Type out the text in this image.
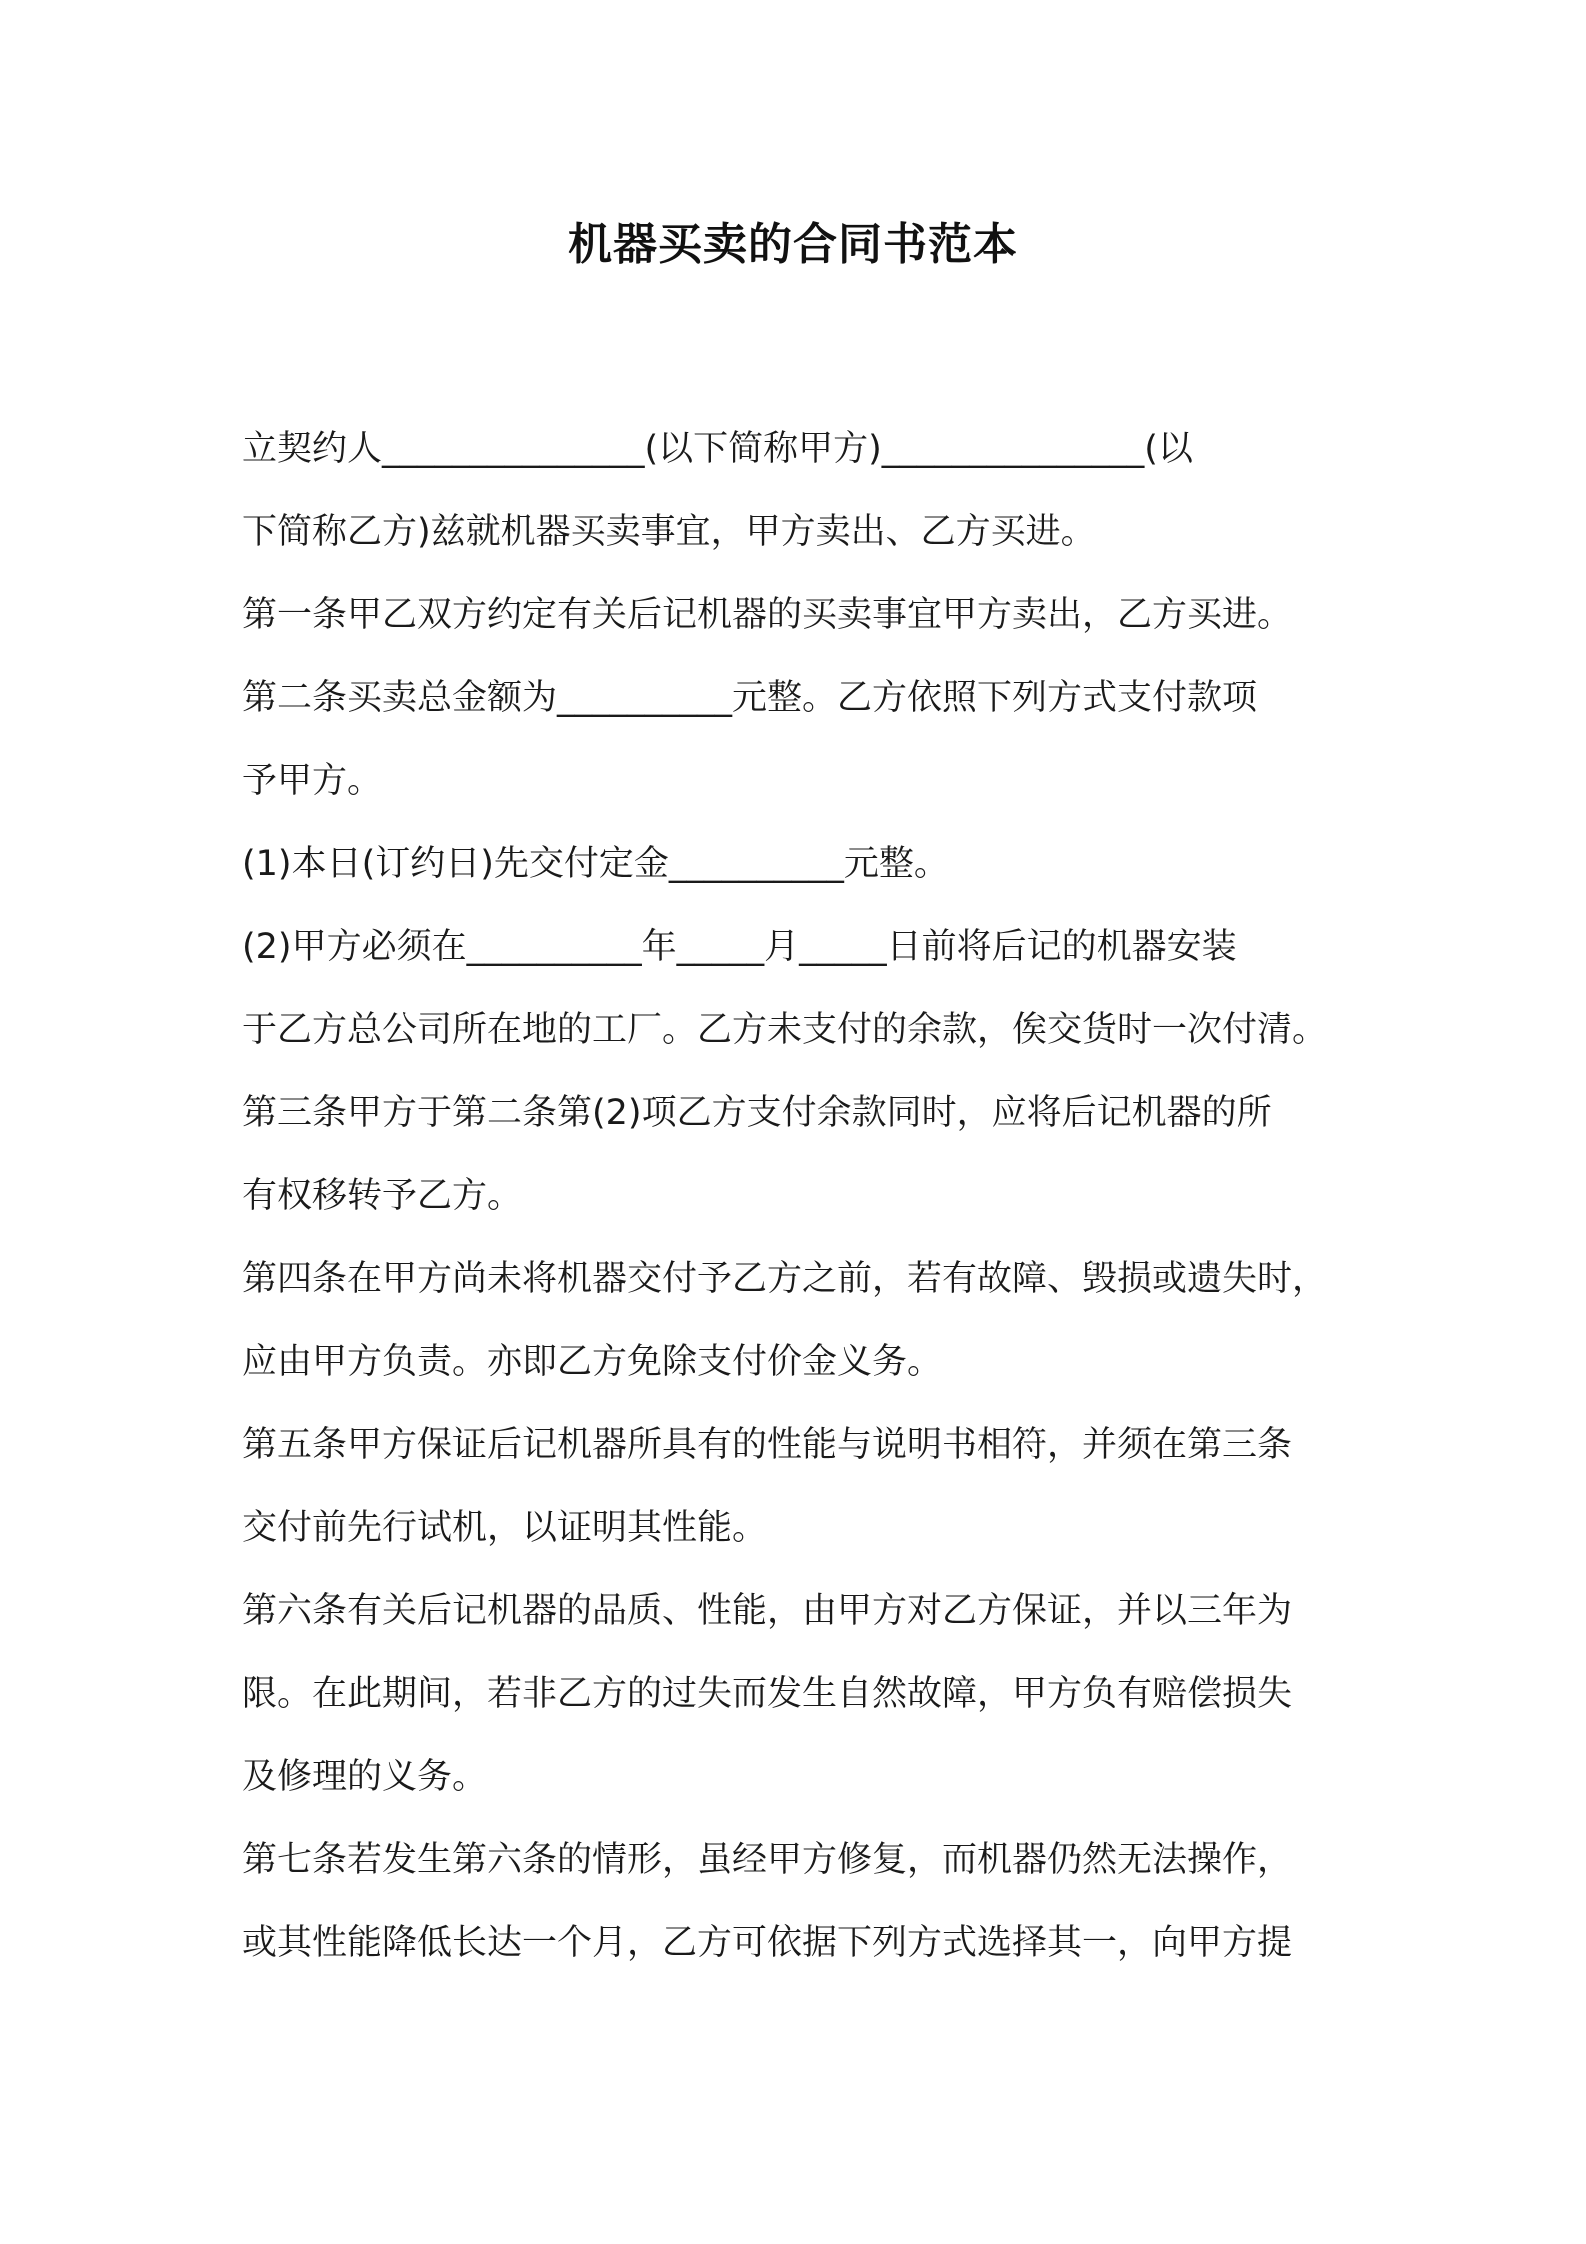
机器买卖的合同书范本
立契约人_______________(以下简称甲方)_______________(以
下简称乙方)兹就机器买卖事宜，甲方卖出、乙方买进。
第一条甲乙双方约定有关后记机器的买卖事宜甲方卖出，乙方买进。
第二条买卖总金额为__________元整。乙方依照下列方式支付款项
予甲方。
(1)本日(订约日)先交付定金__________元整。
(2)甲方必须在__________年_____月_____日前将后记的机器安装
于乙方总公司所在地的工厂。乙方未支付的余款，俟交货时一次付清。
第三条甲方于第二条第(2)项乙方支付余款同时，应将后记机器的所
有权移转予乙方。
第四条在甲方尚未将机器交付予乙方之前，若有故障、毁损或遗失时，
应由甲方负责。亦即乙方免除支付价金义务。
第五条甲方保证后记机器所具有的性能与说明书相符，并须在第三条
交付前先行试机，以证明其性能。
第六条有关后记机器的品质、性能，由甲方对乙方保证，并以三年为
限。在此期间，若非乙方的过失而发生自然故障，甲方负有赔偿损失
及修理的义务。
第七条若发生第六条的情形，虽经甲方修复，而机器仍然无法操作，
或其性能降低长达一个月，乙方可依据下列方式选择其一，向甲方提
